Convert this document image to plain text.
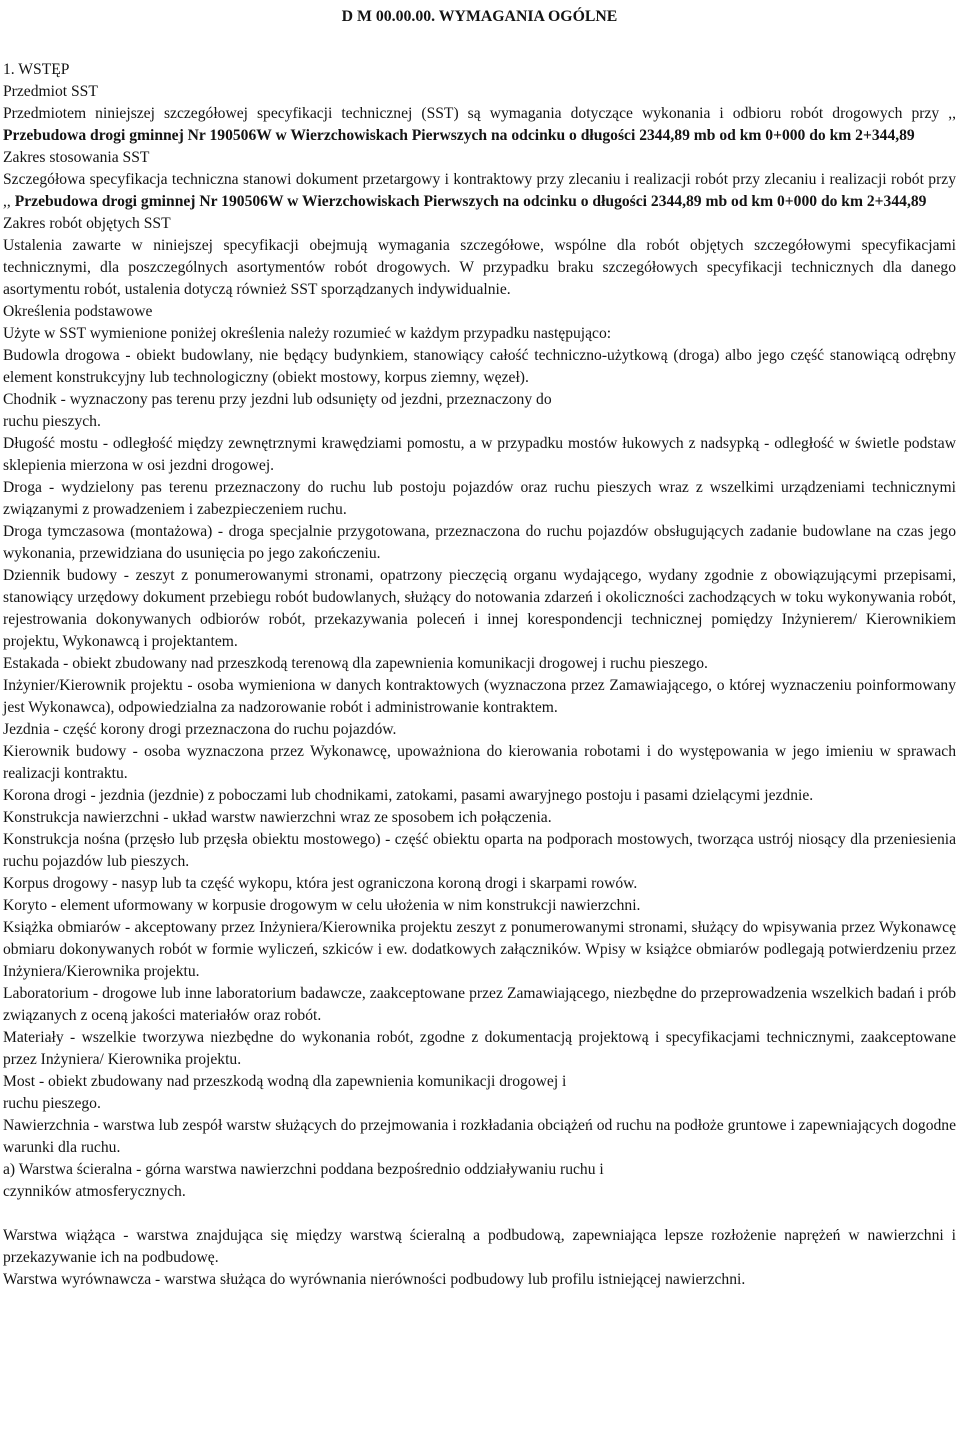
D M 00.00.00. WYMAGANIA OGÓLNE

1. WSTĘP

Przedmiot SST

Przedmiotem niniejszej szczegółowej specyfikacji technicznej (SST) są wymagania dotyczące wykonania i odbioru robót drogowych przy ,, Przebudowa drogi gminnej Nr 190506W w Wierzchowiskach Pierwszych na odcinku o długości 2344,89 mb od km 0+000 do km 2+344,89

Zakres stosowania SST

Szczegółowa specyfikacja techniczna stanowi dokument przetargowy i kontraktowy przy zlecaniu i realizacji robót przy zlecaniu i realizacji robót przy ,, Przebudowa drogi gminnej Nr 190506W w Wierzchowiskach Pierwszych na odcinku o długości 2344,89 mb od km 0+000 do km 2+344,89

Zakres robót objętych SST

Ustalenia zawarte w niniejszej specyfikacji obejmują wymagania szczegółowe, wspólne dla robót objętych szczegółowymi specyfikacjami technicznymi, dla poszczególnych asortymentów robót drogowych. W przypadku braku szczegółowych specyfikacji technicznych dla danego asortymentu robót, ustalenia dotyczą również SST sporządzanych indywidualnie.

Określenia podstawowe

Użyte w SST wymienione poniżej określenia należy rozumieć w każdym przypadku następująco:

Budowla drogowa - obiekt budowlany, nie będący budynkiem, stanowiący całość techniczno-użytkową (droga) albo jego część stanowiącą odrębny element konstrukcyjny lub technologiczny (obiekt mostowy, korpus ziemny, węzeł).

Chodnik - wyznaczony pas terenu przy jezdni lub odsunięty od jezdni, przeznaczony do

ruchu pieszych.

Długość mostu - odległość między zewnętrznymi krawędziami pomostu, a w przypadku mostów łukowych z nadsypką - odległość w świetle podstaw sklepienia mierzona w osi jezdni drogowej.

Droga - wydzielony pas terenu przeznaczony do ruchu lub postoju pojazdów oraz ruchu pieszych wraz z wszelkimi urządzeniami technicznymi związanymi z prowadzeniem i zabezpieczeniem ruchu.

Droga tymczasowa (montażowa) - droga specjalnie przygotowana, przeznaczona do ruchu pojazdów obsługujących zadanie budowlane na czas jego wykonania, przewidziana do usunięcia po jego zakończeniu.

Dziennik budowy - zeszyt z ponumerowanymi stronami, opatrzony pieczęcią organu wydającego, wydany zgodnie z obowiązującymi przepisami, stanowiący urzędowy dokument przebiegu robót budowlanych, służący do notowania zdarzeń i okoliczności zachodzących w toku wykonywania robót, rejestrowania dokonywanych odbiorów robót, przekazywania poleceń i innej korespondencji technicznej pomiędzy Inżynierem/ Kierownikiem projektu, Wykonawcą i projektantem.

Estakada - obiekt zbudowany nad przeszkodą terenową dla zapewnienia komunikacji drogowej i ruchu pieszego.

Inżynier/Kierownik projektu - osoba wymieniona w danych kontraktowych (wyznaczona przez Zamawiającego, o której wyznaczeniu poinformowany jest Wykonawca), odpowiedzialna za nadzorowanie robót i administrowanie kontraktem.

Jezdnia - część korony drogi przeznaczona do ruchu pojazdów.

Kierownik budowy - osoba wyznaczona przez Wykonawcę, upoważniona do kierowania robotami i do występowania w jego imieniu w sprawach realizacji kontraktu.

Korona drogi - jezdnia (jezdnie) z poboczami lub chodnikami, zatokami, pasami awaryjnego postoju i pasami dzielącymi jezdnie.

Konstrukcja nawierzchni - układ warstw nawierzchni wraz ze sposobem ich połączenia.

Konstrukcja nośna (przęsło lub przęsła obiektu mostowego) - część obiektu oparta na podporach mostowych, tworząca ustrój niosący dla przeniesienia ruchu pojazdów lub pieszych.

Korpus drogowy - nasyp lub ta część wykopu, która jest ograniczona koroną drogi i skarpami rowów.

Koryto - element uformowany w korpusie drogowym w celu ułożenia w nim konstrukcji nawierzchni.

Książka obmiarów - akceptowany przez Inżyniera/Kierownika projektu zeszyt z ponumerowanymi stronami, służący do wpisywania przez Wykonawcę obmiaru dokonywanych robót w formie wyliczeń, szkiców i ew. dodatkowych załączników. Wpisy w książce obmiarów podlegają potwierdzeniu przez Inżyniera/Kierownika projektu.

Laboratorium - drogowe lub inne laboratorium badawcze, zaakceptowane przez Zamawiającego, niezbędne do przeprowadzenia wszelkich badań i prób związanych z oceną jakości materiałów oraz robót.

Materiały - wszelkie tworzywa niezbędne do wykonania robót, zgodne z dokumentacją projektową i specyfikacjami technicznymi, zaakceptowane przez Inżyniera/ Kierownika projektu.

Most - obiekt zbudowany nad przeszkodą wodną dla zapewnienia komunikacji drogowej i

ruchu pieszego.

Nawierzchnia - warstwa lub zespół warstw służących do przejmowania i rozkładania obciążeń od ruchu na podłoże gruntowe i zapewniających dogodne warunki dla ruchu.

a) Warstwa ścieralna - górna warstwa nawierzchni poddana bezpośrednio oddziaływaniu ruchu i

czynników atmosferycznych.

Warstwa wiążąca - warstwa znajdująca się między warstwą ścieralną a podbudową, zapewniająca lepsze rozłożenie naprężeń w nawierzchni i przekazywanie ich na podbudowę.

Warstwa wyrównawcza - warstwa służąca do wyrównania nierówności podbudowy lub profilu istniejącej nawierzchni.
